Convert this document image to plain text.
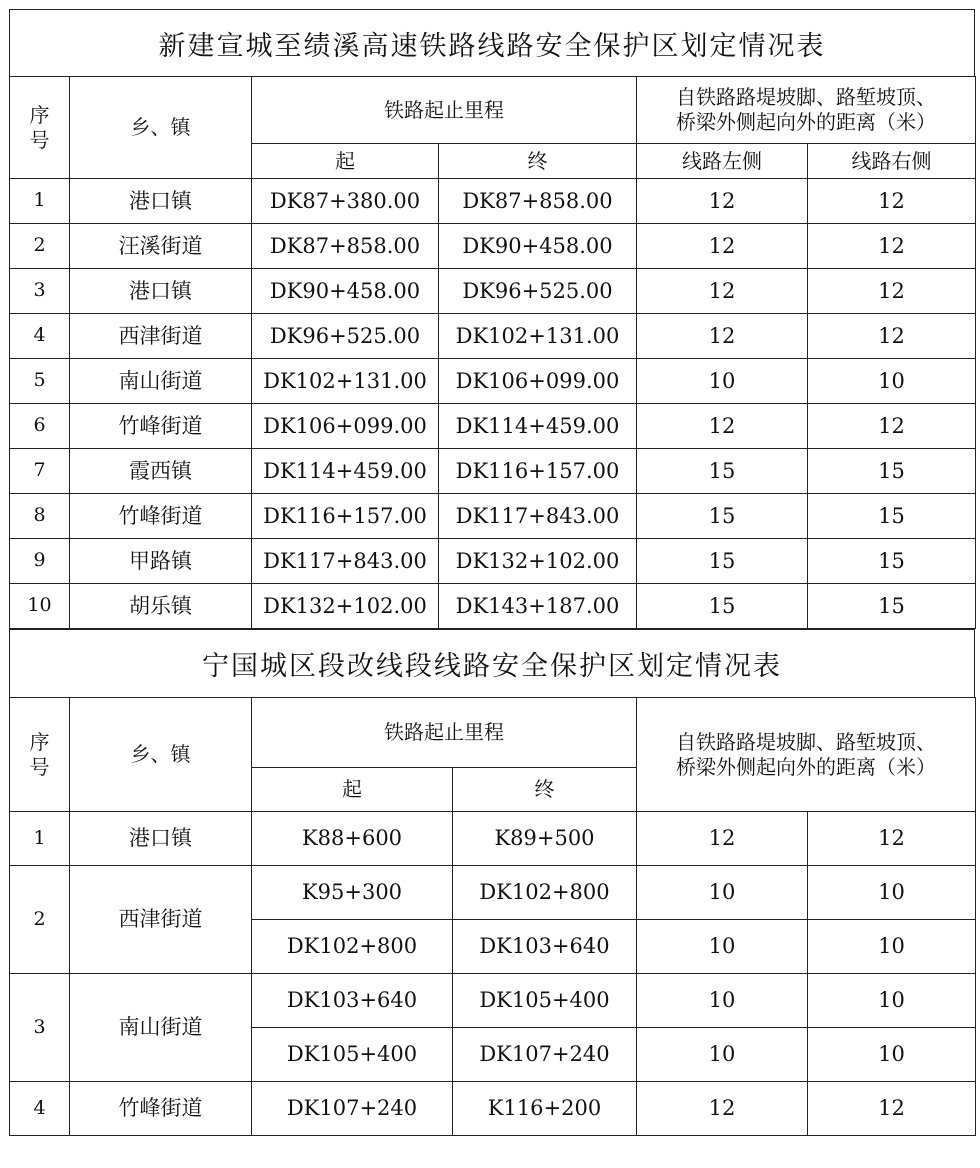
新建宣城至绩溪高速铁路线路安全保护区划定情况表
序
号	乡、镇	铁路起止里程		自铁路路堤坡脚、路堑坡顶、
桥梁外侧起向外的距离（米）	
		起	终	线路左侧	线路右侧
1	港口镇	DK87+380.00	DK87+858.00	12	12
2	汪溪街道	DK87+858.00	DK90+458.00	12	12
3	港口镇	DK90+458.00	DK96+525.00	12	12
4	西津街道	DK96+525.00	DK102+131.00	12	12
5	南山街道	DK102+131.00	DK106+099.00	10	10
6	竹峰街道	DK106+099.00	DK114+459.00	12	12
7	霞西镇	DK114+459.00	DK116+157.00	15	15
8	竹峰街道	DK116+157.00	DK117+843.00	15	15
9	甲路镇	DK117+843.00	DK132+102.00	15	15
10	胡乐镇	DK132+102.00	DK143+187.00	15	15
宁国城区段改线段线路安全保护区划定情况表
序
号	乡、镇	铁路起止里程		自铁路路堤坡脚、路堑坡顶、
桥梁外侧起向外的距离（米）	
		起	终		
1	港口镇	K88+600	K89+500	12	12
2	西津街道	K95+300	DK102+800	10	10
		DK102+800	DK103+640	10	10
3	南山街道	DK103+640	DK105+400	10	10
		DK105+400	DK107+240	10	10
4	竹峰街道	DK107+240	K116+200	12	12
